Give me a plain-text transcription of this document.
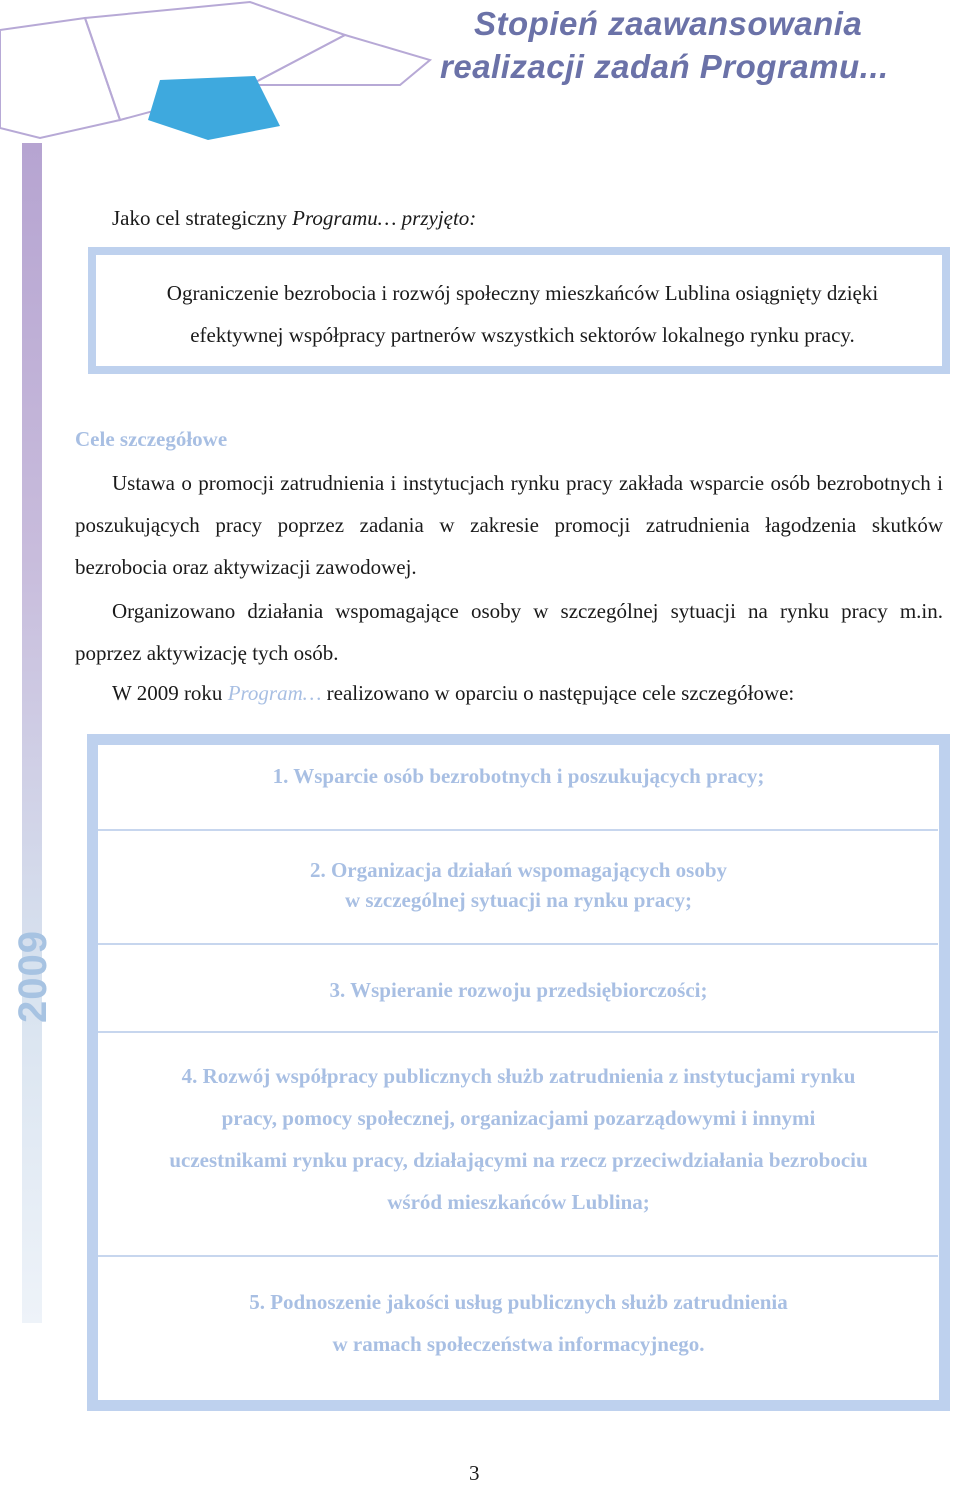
Stopień zaawansowania
realizacji zadań Programu...
2009
Jako cel strategiczny Programu… przyjęto:
Ograniczenie bezrobocia i rozwój społeczny mieszkańców Lublina osiągnięty dzięki
efektywnej współpracy partnerów wszystkich sektorów lokalnego rynku pracy.
Cele szczegółowe
Ustawa o promocji zatrudnienia i instytucjach rynku pracy zakłada wsparcie osób bezrobotnych i poszukujących pracy poprzez zadania w zakresie promocji zatrudnienia łagodzenia skutków bezrobocia oraz aktywizacji zawodowej.
Organizowano działania wspomagające osoby w szczególnej sytuacji na rynku pracy m.in. poprzez aktywizację tych osób.
W 2009 roku Program… realizowano w oparciu o następujące cele szczegółowe:
1. Wsparcie osób bezrobotnych i poszukujących pracy;
2. Organizacja działań wspomagających osoby
w szczególnej sytuacji na rynku pracy;
3. Wspieranie rozwoju przedsiębiorczości;
4. Rozwój współpracy publicznych służb zatrudnienia z instytucjami rynku
pracy, pomocy społecznej, organizacjami pozarządowymi i innymi
uczestnikami rynku pracy, działającymi na rzecz przeciwdziałania bezrobociu
wśród mieszkańców Lublina;
5. Podnoszenie jakości usług publicznych służb zatrudnienia
w ramach społeczeństwa informacyjnego.
3
